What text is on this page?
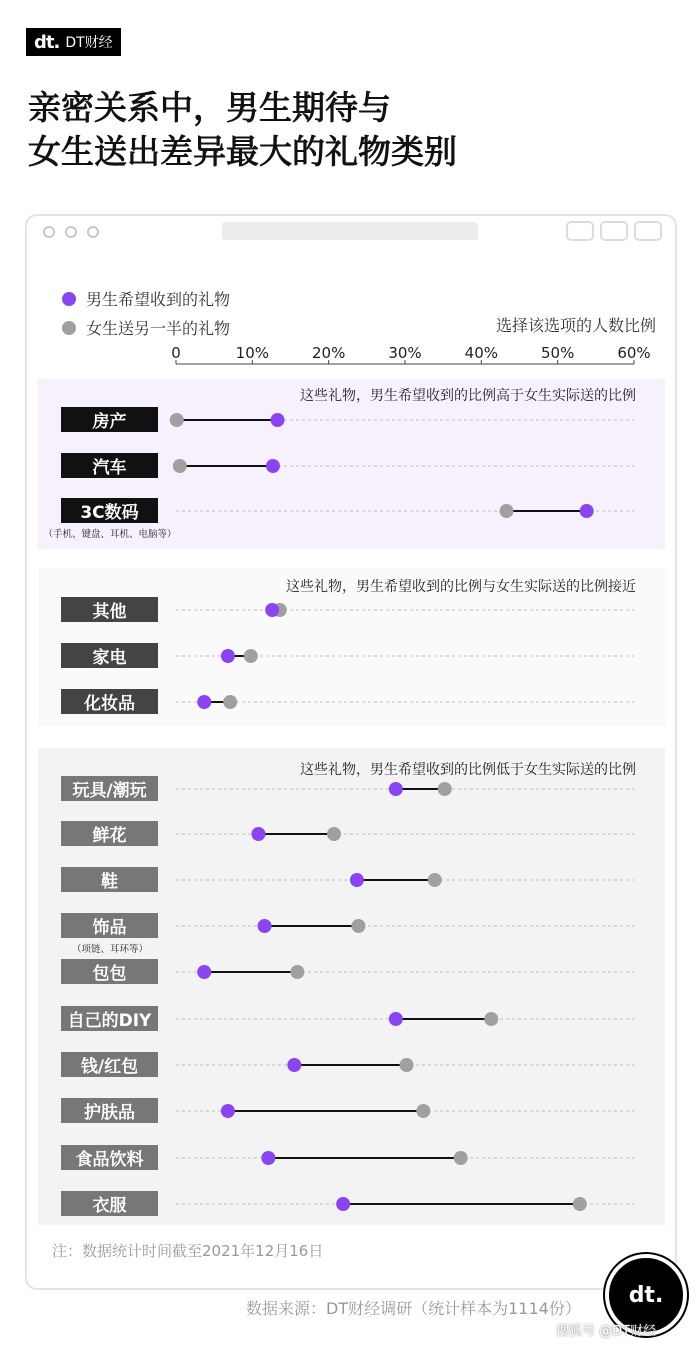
dt. DT财经
亲密关系中，男生期待与
女生送出差异最大的礼物类别
男生希望收到的礼物
女生送另一半的礼物	选择该选项的人数比例
0	10%	20%	30%	40%	50%	60%
这些礼物，男生希望收到的比例高于女生实际送的比例
这些礼物，男生希望收到的比例与女生实际送的比例接近
这些礼物，男生希望收到的比例低于女生实际送的比例
房产
汽车
3C数码
（手机、键盘、耳机、电脑等）
其他
家电
化妆品
玩具/潮玩
鲜花
鞋
饰品
（项链、耳环等）
包包
自己的DIY
钱/红包
护肤品
食品饮料
衣服
注：数据统计时间截至2021年12月16日
数据来源：DT财经调研（统计样本为1114份）
dt.
搜狐号 @DT财经
